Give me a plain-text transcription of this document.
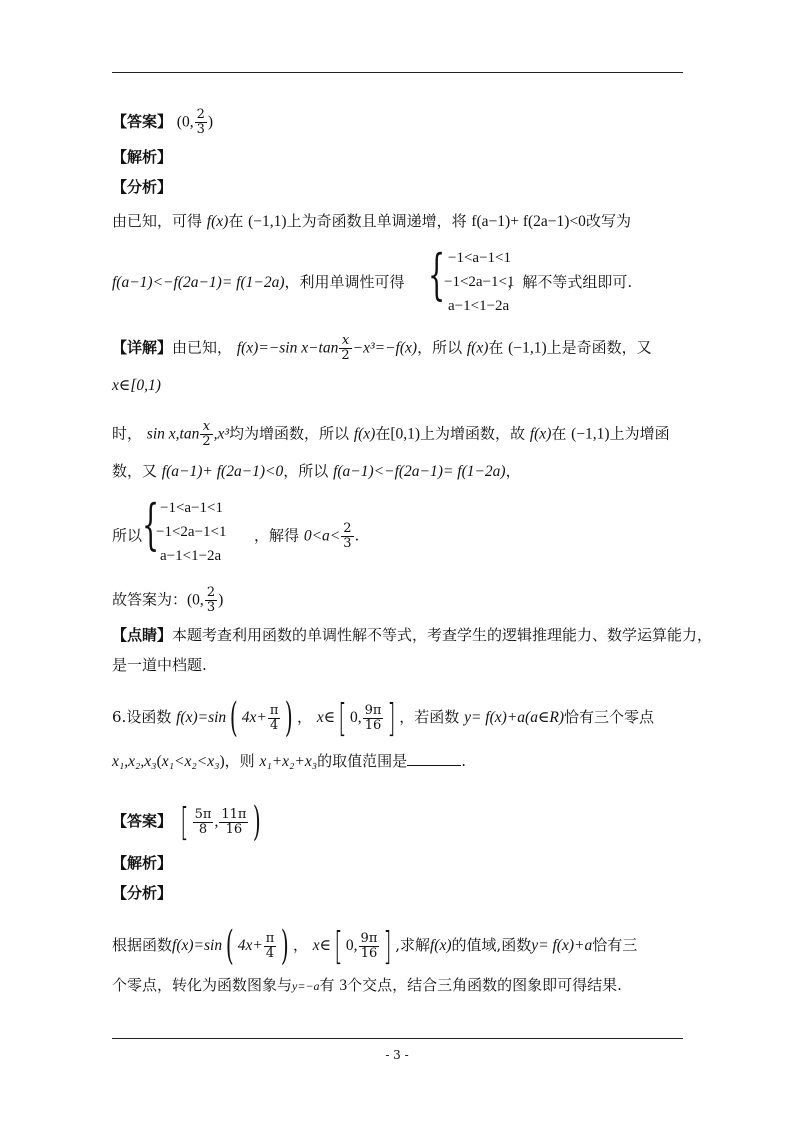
【答案】 (0, $\frac{2}{3}$ )
【解析】
【分析】
由已知，可得 f(x)在 (−1,1)上为奇函数且单调递增，将 f(a−1)+ f(2a−1)<0改写为
f(a−1)<−f(2a−1)= f(1−2a)，利用单调性可得	，解不等式组即可.
{ −1<a−1<1
−1<2a−1<1
a−1<1−2a
【详解】由已知， f(x)=−sin $x-\tan \frac{x}{2} -x^3=-f(x)$，所以 f(x)在 (−1,1)上是奇函数，又
x∈[0,1)
时， $\sin x,\tan \frac{x}{2} ,x^3$均为增函数，所以 f(x)在[0,1)上为增函数，故 f(x)在 (−1,1)上为增函
数，又 f(a−1)+ f(2a−1)<0，所以 f(a−1)<−f(2a−1)= f(1−2a)，
所以	，解得 $0<a< \frac{2}{3}$ .
{ −1<a−1<1
−1<2a−1<1
a−1<1−2a
故答案为：(0, $\frac{2}{3}$ )
【点睛】本题考查利用函数的单调性解不等式，考查学生的逻辑推理能力、数学运算能力，
是一道中档题.
6.设函数 f(x)=sin( $4x+ \frac{\pi}{4}$ ) ， x∈[ 0, $\frac{9\pi}{16}$ ] ，若函数 y= f(x)+a(a∈R)恰有三个零点
x₁,x₂,x₃(x₁<x₂<x₃)，则 x₁+x₂+x₃的取值范围是	.
【答案】 [ $\frac{5\pi}{8}$ , $\frac{11\pi}{16}$ )
【解析】
【分析】
根据函数f(x)=sin( $4x+ \frac{\pi}{4}$ ) ， x∈[ 0, $\frac{9\pi}{16}$ ] ,求解f(x)的值域,函数y= f(x)+a恰有三
个零点，转化为函数图象与y=−a有 3个交点，结合三角函数的图象即可得结果.
- 3 -
